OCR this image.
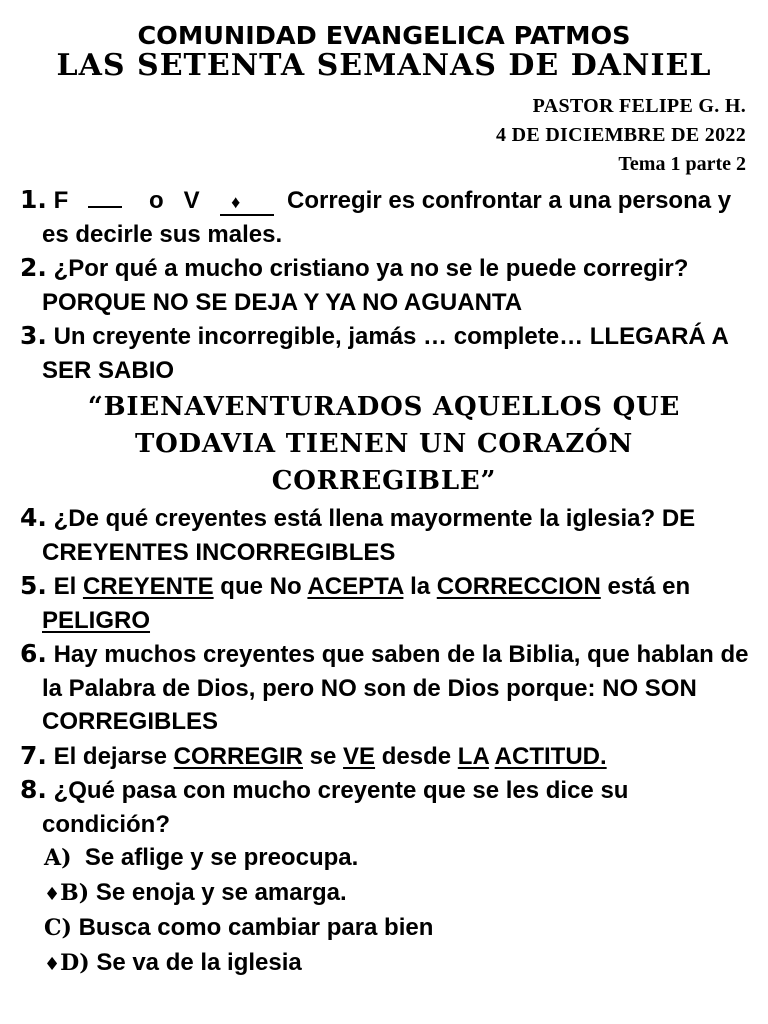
COMUNIDAD EVANGELICA PATMOS
LAS SETENTA SEMANAS DE DANIEL
PASTOR FELIPE G. H.
4 DE DICIEMBRE DE 2022
Tema 1 parte 2
1. F	o V ♦ Corregir es confrontar a una persona y es decirle sus males.
2. ¿Por qué a mucho cristiano ya no se le puede corregir? PORQUE NO SE DEJA Y YA NO AGUANTA
3. Un creyente incorregible, jamás … complete… LLEGARÁ A SER SABIO
“BIENAVENTURADOS AQUELLOS QUE
TODAVIA TIENEN UN CORAZÓN
CORREGIBLE”
4. ¿De qué creyentes está llena mayormente la iglesia? DE CREYENTES INCORREGIBLES
5. El CREYENTE que No ACEPTA la CORRECCION está en PELIGRO
6. Hay muchos creyentes que saben de la Biblia, que hablan de la Palabra de Dios, pero NO son de Dios porque: NO SON CORREGIBLES
7. El dejarse CORREGIR se VE desde LA ACTITUD.
8. ¿Qué pasa con mucho creyente que se les dice su condición?
A) Se aflige y se preocupa.
♦B) Se enoja y se amarga.
C) Busca como cambiar para bien
♦D) Se va de la iglesia
